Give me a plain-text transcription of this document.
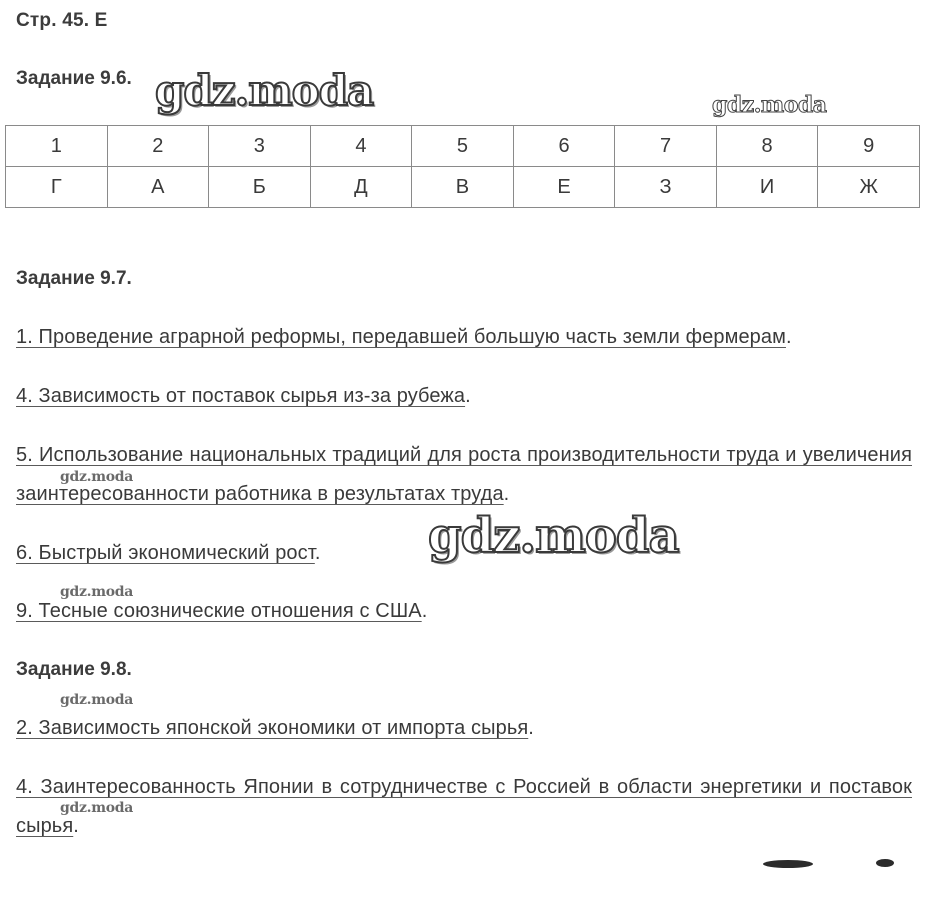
Стр. 45. Е
Задание 9.6. gdz.moda	gdz.moda
1	2	3	4	5	6	7	8	9
Г	А	Б	Д	В	Е	З	И	Ж
Задание 9.7.
1. Проведение аграрной реформы, передавшей большую часть земли фермерам.
4. Зависимость от поставок сырья из-за рубежа.
5. Использование национальных традиций для роста производительности труда и увеличения заинтересованности работника в результатах труда.
6. Быстрый экономический рост.
9. Тесные союзнические отношения с США.
gdz.moda
gdz.moda
gdz.moda
Задание 9.8.
gdz.moda
2. Зависимость японской экономики от импорта сырья.
4. Заинтересованность Японии в сотрудничестве с Россией в области энергетики и поставок сырья.
gdz.moda
